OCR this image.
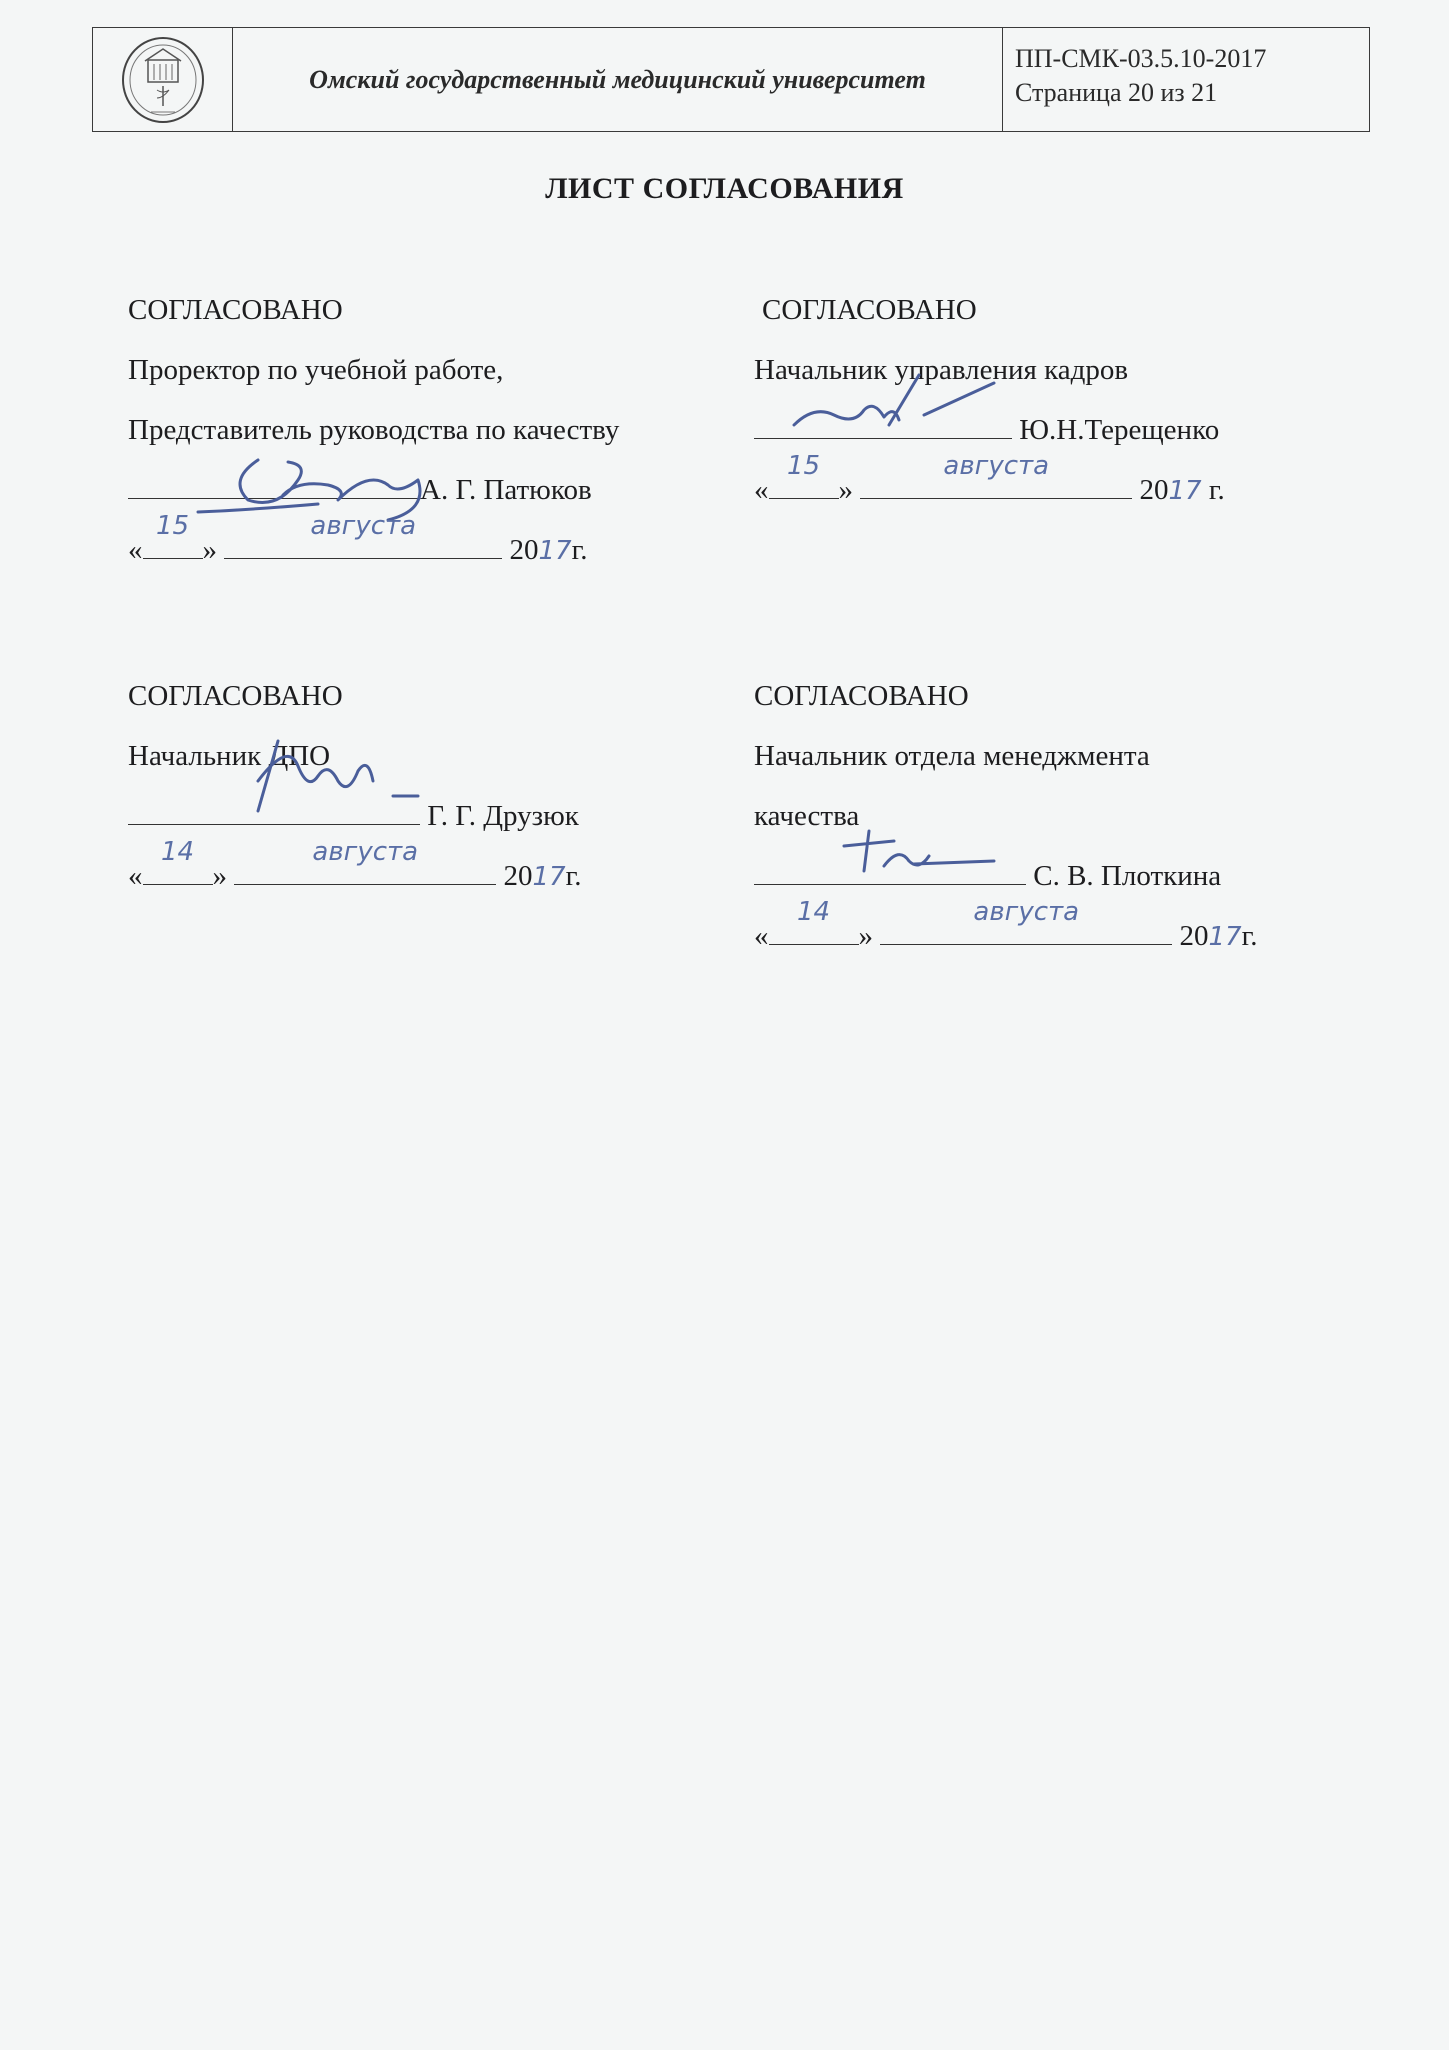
Омский государственный медицинский университет
ПП-СМК-03.5.10-2017
Страница 20 из 21
ЛИСТ СОГЛАСОВАНИЯ
СОГЛАСОВАНО
Проректор по учебной работе,
Представитель руководства по качеству
А. Г. Патюков
«
15
»
августа
2017г.
СОГЛАСОВАНО
Начальник управления кадров
Ю.Н.Терещенко
«
15
»
августа
2017 г.
СОГЛАСОВАНО
Начальник ДПО
Г. Г. Друзюк
«
14
»
августа
2017г.
СОГЛАСОВАНО
Начальник отдела менеджмента
качества
С. В. Плоткина
«
14
»
августа
2017г.
